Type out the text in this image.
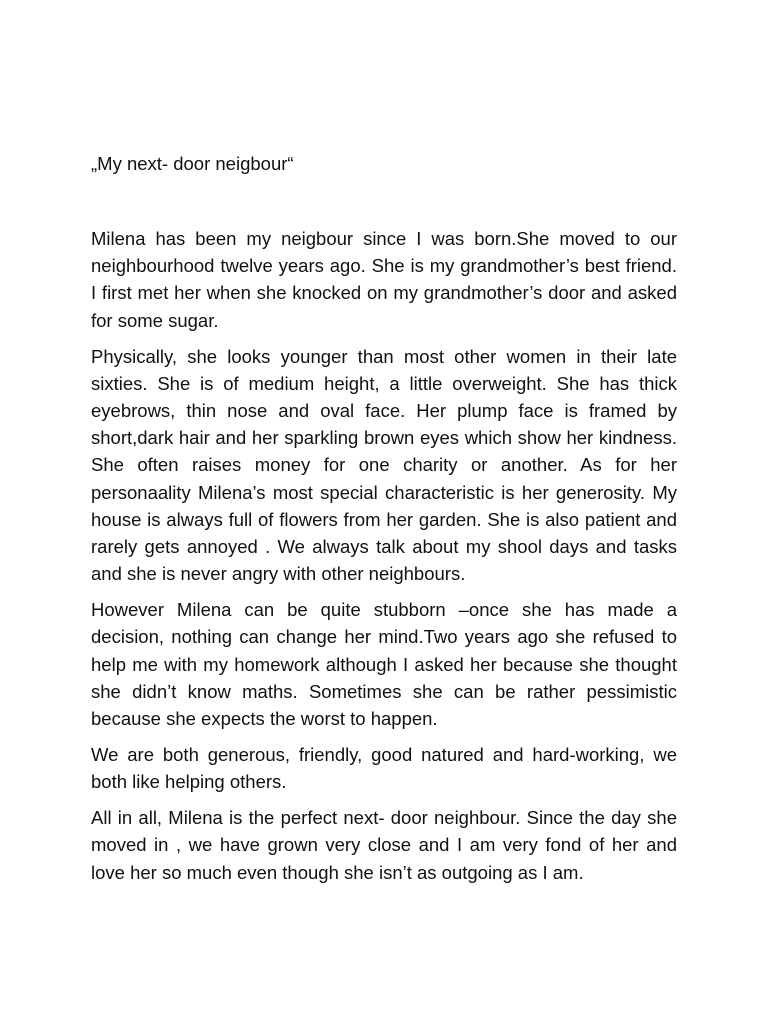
„My next- door neigbour“

Milena has been my neigbour since I was born.She moved to our neighbourhood twelve years ago. She is my grandmother’s best friend. I first met her when she knocked on my grandmother’s door and asked for some sugar.

Physically, she looks younger than most other women in their late sixties. She is of medium height, a little overweight. She has thick eyebrows, thin nose and oval face. Her plump face is framed by short,dark hair and her sparkling brown eyes which show her kindness. She often raises money for one charity or another. As for her personaality Milena’s most special characteristic is her generosity. My house is always full of flowers from her garden. She is also patient and rarely gets annoyed . We always talk about my shool days and tasks and she is never angry with other neighbours.

However Milena can be quite stubborn –once she has made a decision, nothing can change her mind.Two years ago she refused to help me with my homework although I asked her because she thought she didn’t know maths. Sometimes she can be rather pessimistic because she expects the worst to happen.

We are both generous, friendly, good natured and hard-working, we both like helping others.

All in all, Milena is the perfect next- door neighbour. Since the day she moved in , we have grown very close and I am very fond of her and love her so much even though she isn’t as outgoing as I am.
